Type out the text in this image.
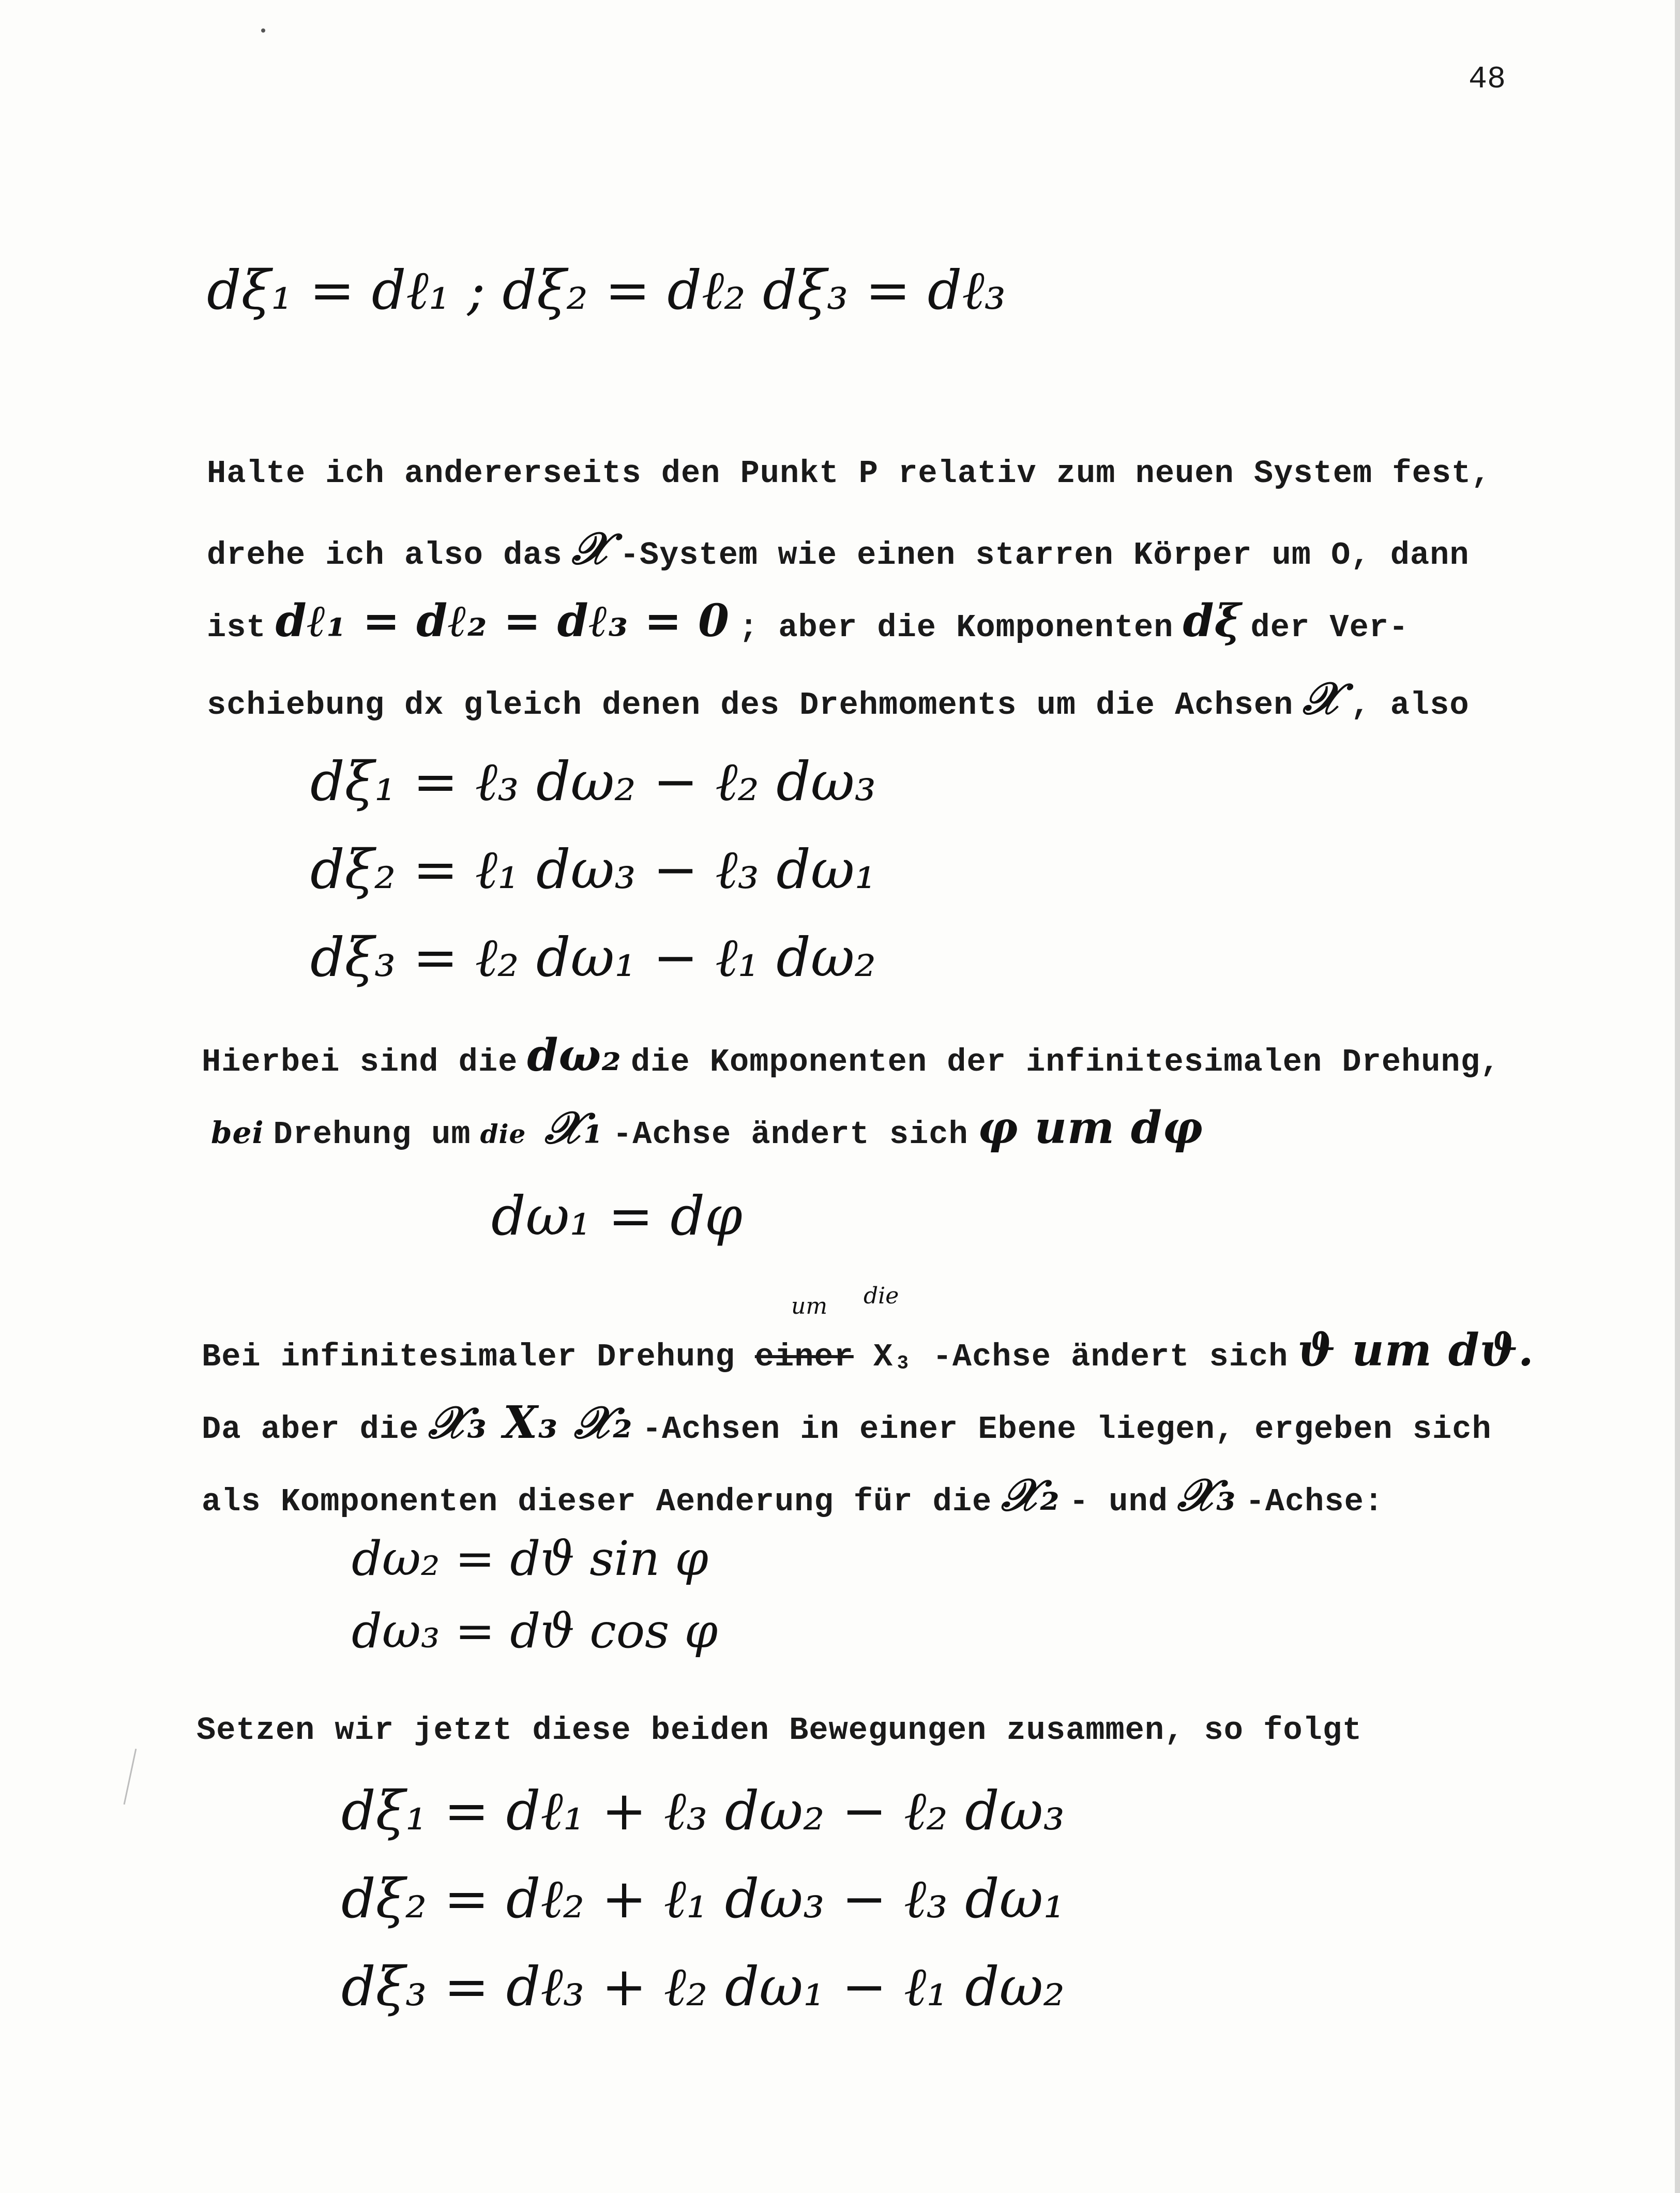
48
dξ₁ = dℓ₁ ; dξ₂ = dℓ₂ dξ₃ = dℓ₃
Halte ich andererseits den Punkt P relativ zum neuen System fest,
drehe ich also das 𝒳 -System wie einen starren Körper um O, dann
ist dℓ₁ = dℓ₂ = dℓ₃ = 0 ; aber die Komponenten dξ der Ver-
schiebung dx gleich denen des Drehmoments um die Achsen 𝒳 , also
dξ₁ = ℓ₃ dω₂ − ℓ₂ dω₃
dξ₂ = ℓ₁ dω₃ − ℓ₃ dω₁
dξ₃ = ℓ₂ dω₁ − ℓ₁ dω₂
Hierbei sind die dω₂ die Komponenten der infinitesimalen Drehung,
bei Drehung um die 𝒳₁ -Achse ändert sich φ um dφ
dω₁ = dφ
um die
Bei infinitesimaler Drehung einer X₃ -Achse ändert sich ϑ um dϑ.
Da aber die 𝒳₃ X₃ 𝒳₂ -Achsen in einer Ebene liegen, ergeben sich
als Komponenten dieser Aenderung für die 𝒳₂ - und 𝒳₃ -Achse:
dω₂ = dϑ sin φ
dω₃ = dϑ cos φ
Setzen wir jetzt diese beiden Bewegungen zusammen, so folgt
dξ₁ = dℓ₁ + ℓ₃ dω₂ − ℓ₂ dω₃
dξ₂ = dℓ₂ + ℓ₁ dω₃ − ℓ₃ dω₁
dξ₃ = dℓ₃ + ℓ₂ dω₁ − ℓ₁ dω₂
